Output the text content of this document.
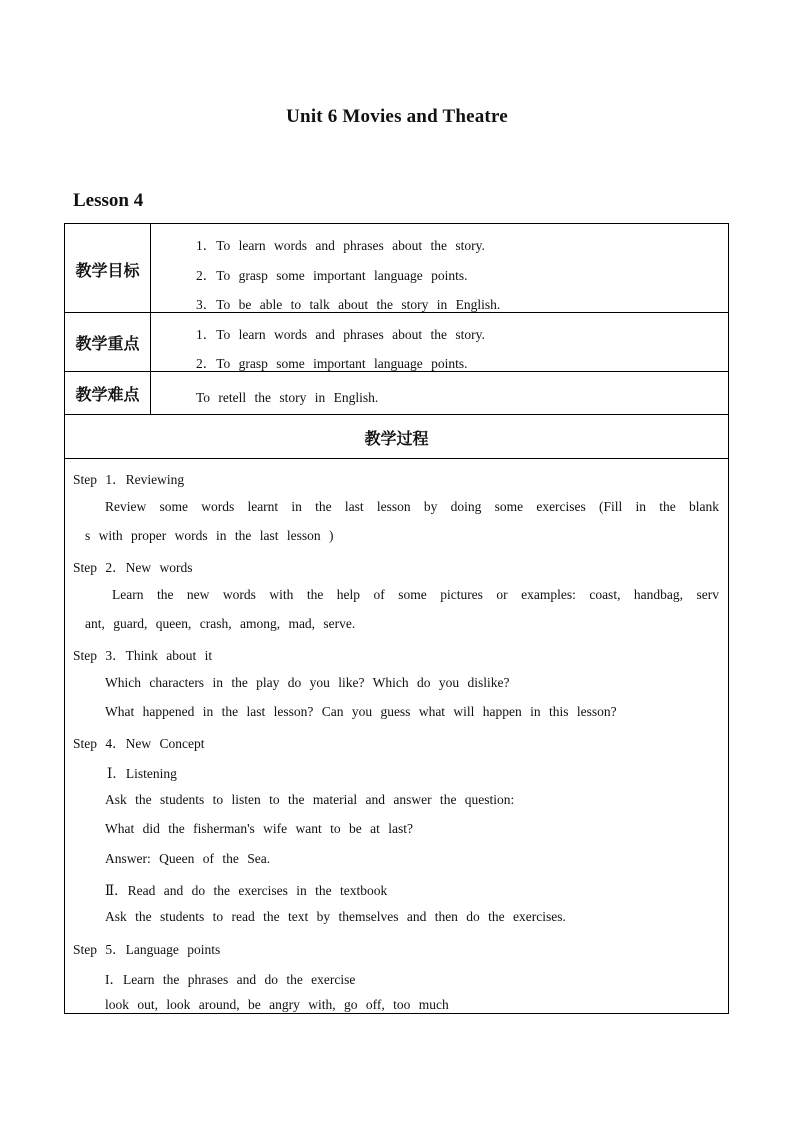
Unit 6 Movies and Theatre
Lesson 4
教学目标
1．To learn words and phrases about the story.
2．To grasp some important language points.
3．To be able to talk about the story in English.
教学重点	1．To learn words and phrases about the story.
2．To grasp some important language points.
教学难点	To retell the story in English.
教学过程
Step 1．Reviewing
Review some words learnt in the last lesson by doing some exercises (Fill in the blank
s with proper words in the last lesson )
Step 2．New words
Learn the new words with the help of some pictures or examples: coast, handbag, serv
ant, guard, queen, crash, among, mad, serve.
Step 3．Think about it
Which characters in the play do you like? Which do you dislike?
What happened in the last lesson? Can you guess what will happen in this lesson?
Step 4．New Concept
Ⅰ．Listening
Ask the students to listen to the material and answer the question:
What did the fisherman's wife want to be at last?
Answer: Queen of the Sea.
Ⅱ．Read and do the exercises in the textbook
Ask the students to read the text by themselves and then do the exercises.
Step 5．Language points
I．Learn the phrases and do the exercise
look out, look around, be angry with, go off, too much
